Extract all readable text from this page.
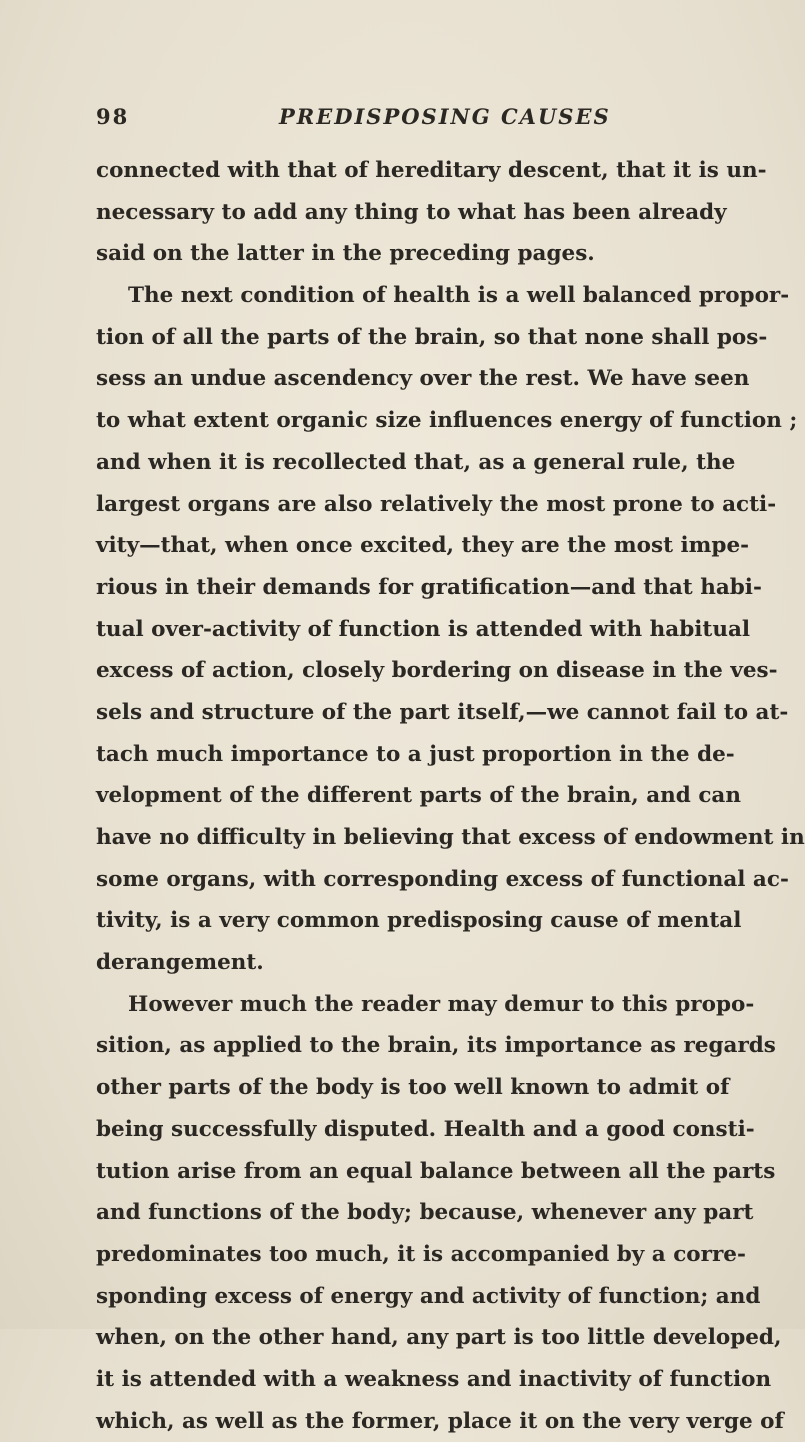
98	PREDISPOSING CAUSES
connected with that of hereditary descent, that it is un-
necessary to add any thing to what has been already
said on the latter in the preceding pages.
The next condition of health is a well balanced propor-
tion of all the parts of the brain, so that none shall pos-
sess an undue ascendency over the rest. We have seen
to what extent organic size influences energy of function ;
and when it is recollected that, as a general rule, the
largest organs are also relatively the most prone to acti-
vity—that, when once excited, they are the most impe-
rious in their demands for gratification—and that habi-
tual over-activity of function is attended with habitual
excess of action, closely bordering on disease in the ves-
sels and structure of the part itself,—we cannot fail to at-
tach much importance to a just proportion in the de-
velopment of the different parts of the brain, and can
have no difficulty in believing that excess of endowment in
some organs, with corresponding excess of functional ac-
tivity, is a very common predisposing cause of mental
derangement.
However much the reader may demur to this propo-
sition, as applied to the brain, its importance as regards
other parts of the body is too well known to admit of
being successfully disputed. Health and a good consti-
tution arise from an equal balance between all the parts
and functions of the body; because, whenever any part
predominates too much, it is accompanied by a corre-
sponding excess of energy and activity of function; and
when, on the other hand, any part is too little developed,
it is attended with a weakness and inactivity of function
which, as well as the former, place it on the very verge of
